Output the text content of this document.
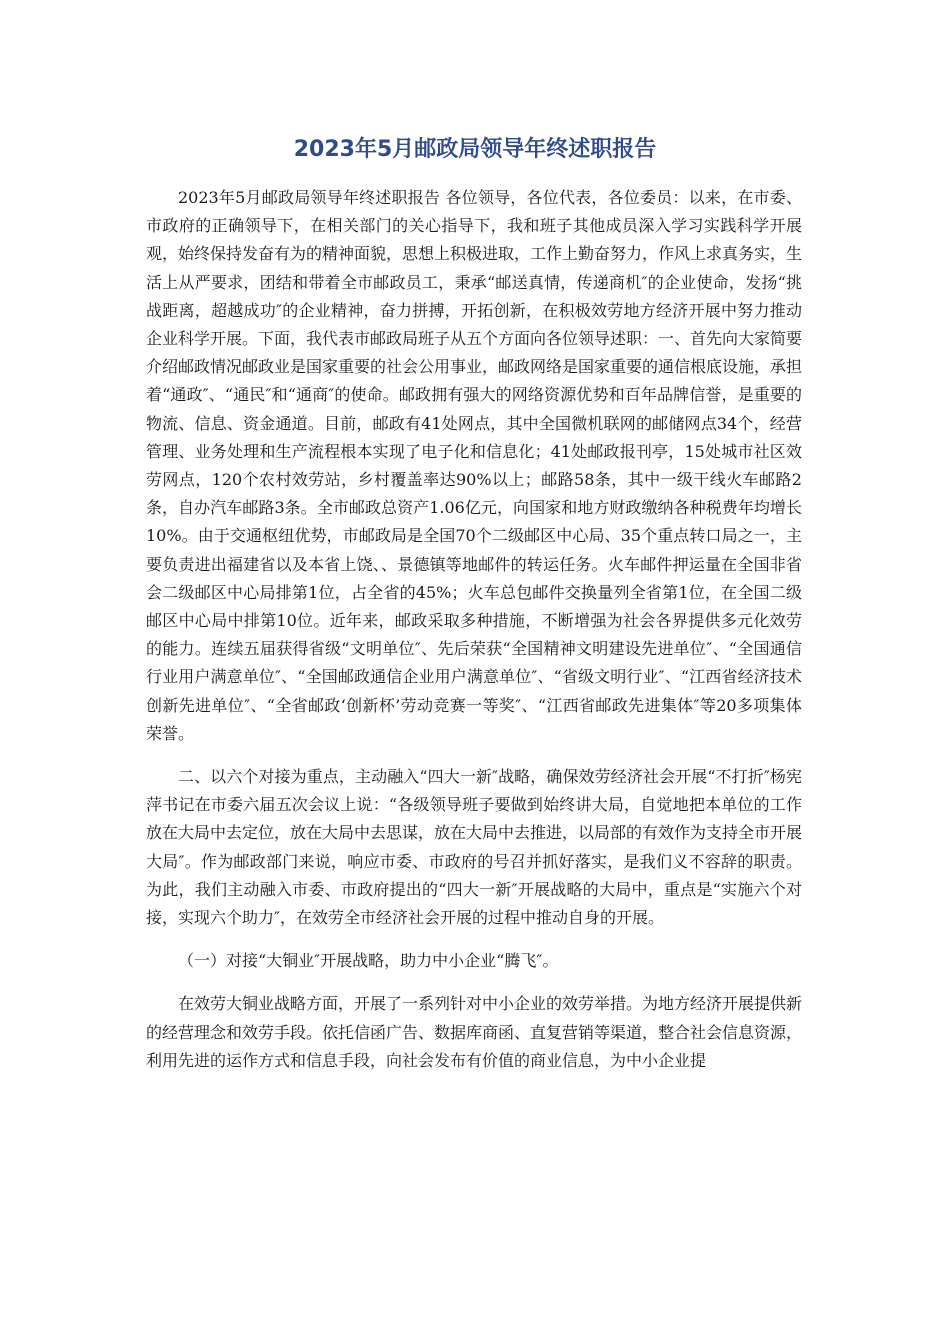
2023年5月邮政局领导年终述职报告

2023年5月邮政局领导年终述职报告 各位领导，各位代表，各位委员：以来，在市委、市政府的正确领导下，在相关部门的关心指导下，我和班子其他成员深入学习实践科学开展观，始终保持发奋有为的精神面貌，思想上积极进取，工作上勤奋努力，作风上求真务实，生活上从严要求，团结和带着全市邮政员工，秉承“邮送真情，传递商机″的企业使命，发扬“挑战距离，超越成功″的企业精神，奋力拼搏，开拓创新，在积极效劳地方经济开展中努力推动企业科学开展。下面，我代表市邮政局班子从五个方面向各位领导述职：一、首先向大家简要介绍邮政情况邮政业是国家重要的社会公用事业，邮政网络是国家重要的通信根底设施，承担着“通政″、“通民″和“通商″的使命。邮政拥有强大的网络资源优势和百年品牌信誉，是重要的物流、信息、资金通道。目前，邮政有41处网点，其中全国微机联网的邮储网点34个，经营管理、业务处理和生产流程根本实现了电子化和信息化；41处邮政报刊亭，15处城市社区效劳网点，120个农村效劳站，乡村覆盖率达90%以上；邮路58条，其中一级干线火车邮路2条，自办汽车邮路3条。全市邮政总资产1.06亿元，向国家和地方财政缴纳各种税费年均增长10%。由于交通枢纽优势，市邮政局是全国70个二级邮区中心局、35个重点转口局之一，主要负责进出福建省以及本省上饶、、景德镇等地邮件的转运任务。火车邮件押运量在全国非省会二级邮区中心局排第1位，占全省的45%；火车总包邮件交换量列全省第1位，在全国二级邮区中心局中排第10位。近年来，邮政采取多种措施，不断增强为社会各界提供多元化效劳的能力。连续五届获得省级“文明单位″、先后荣获“全国精神文明建设先进单位″、“全国通信行业用户满意单位″、“全国邮政通信企业用户满意单位″、“省级文明行业″、“江西省经济技术创新先进单位″、“全省邮政‘创新杯’劳动竞赛一等奖″、“江西省邮政先进集体″等20多项集体荣誉。

二、以六个对接为重点，主动融入“四大一新″战略，确保效劳经济社会开展“不打折″杨宪萍书记在市委六届五次会议上说：“各级领导班子要做到始终讲大局，自觉地把本单位的工作放在大局中去定位，放在大局中去思谋，放在大局中去推进，以局部的有效作为支持全市开展大局″。作为邮政部门来说，响应市委、市政府的号召并抓好落实，是我们义不容辞的职责。为此，我们主动融入市委、市政府提出的“四大一新″开展战略的大局中，重点是“实施六个对接，实现六个助力″，在效劳全市经济社会开展的过程中推动自身的开展。

（一）对接“大铜业″开展战略，助力中小企业“腾飞″。

在效劳大铜业战略方面，开展了一系列针对中小企业的效劳举措。为地方经济开展提供新的经营理念和效劳手段。依托信函广告、数据库商函、直复营销等渠道，整合社会信息资源，利用先进的运作方式和信息手段，向社会发布有价值的商业信息，为中小企业提
